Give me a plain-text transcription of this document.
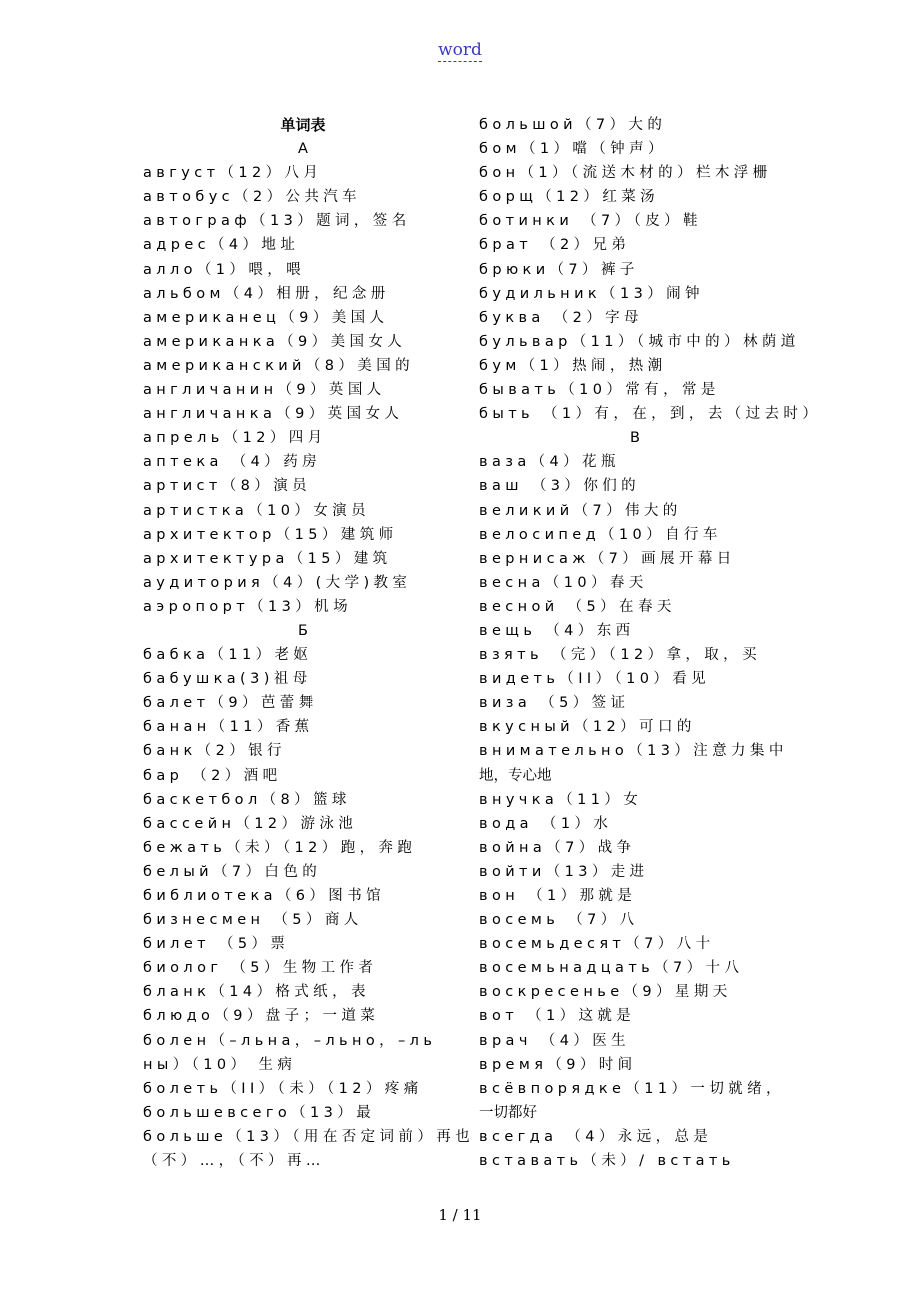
word
单词表
А
август（12）八月
автобус（2）公共汽车
автограф（13）题词，签名
адрес（4）地址
алло（1）喂，喂
альбом（4）相册，纪念册
американец（9）美国人
американка（9）美国女人
американский（8）美国的
англичанин（9）英国人
англичанка（9）英国女人
апрель（12）四月
аптека （4）药房
артист（8）演员
артистка（10）女演员
архитектор（15）建筑师
архитектура（15）建筑
аудитория（4）(大学)教室
аэропорт（13）机场
Б
бабка（11）老妪
бабушка(3)祖母
балет（9）芭蕾舞
банан（11）香蕉
банк（2）银行
бар （2）酒吧
баскетбол（8）篮球
бассейн（12）游泳池
бежать（未）（12）跑，奔跑
белый（7）白色的
библиотека（6）图书馆
бизнесмен （5）商人
билет （5）票
биолог （5）生物工作者
бланк（14）格式纸，表
блюдо（9）盘子；一道菜
болен（–льна，–льно，–ль
ны）（10） 生病
болеть（II）（未）（12）疼痛
большевсего（13）最
больше（13）（用在否定词前）再也
（不）…，（不）再…
большой（7）大的
бом（1）噹（钟声）
бон（1）（流送木材的）栏木浮栅
борщ（12）红菜汤
ботинки （7）（皮）鞋
брат （2）兄弟
брюки（7）裤子
будильник（13）闹钟
буква （2）字母
бульвар（11）（城市中的）林荫道
бум（1）热闹，热潮
бывать（10）常有，常是
быть （1）有，在，到，去（过去时）
В
ваза（4）花瓶
ваш （3）你们的
великий（7）伟大的
велосипед（10）自行车
вернисаж（7）画展开幕日
весна（10）春天
весной （5）在春天
вещь （4）东西
взять （完）（12）拿，取，买
видеть（II）（10）看见
виза （5）签证
вкусный（12）可口的
внимательно（13）注意力集中
地，专心地
внучка（11）女
вода （1）水
война（7）战争
войти（13）走进
вон （1）那就是
восемь （7）八
восемьдесят（7）八十
восемьнадцать（7）十八
воскресенье（9）星期天
вот （1）这就是
врач （4）医生
время（9）时间
всёвпорядке（11）一切就绪，
一切都好
всегда （4）永远，总是
вставать（未）/ встать
1 / 11
